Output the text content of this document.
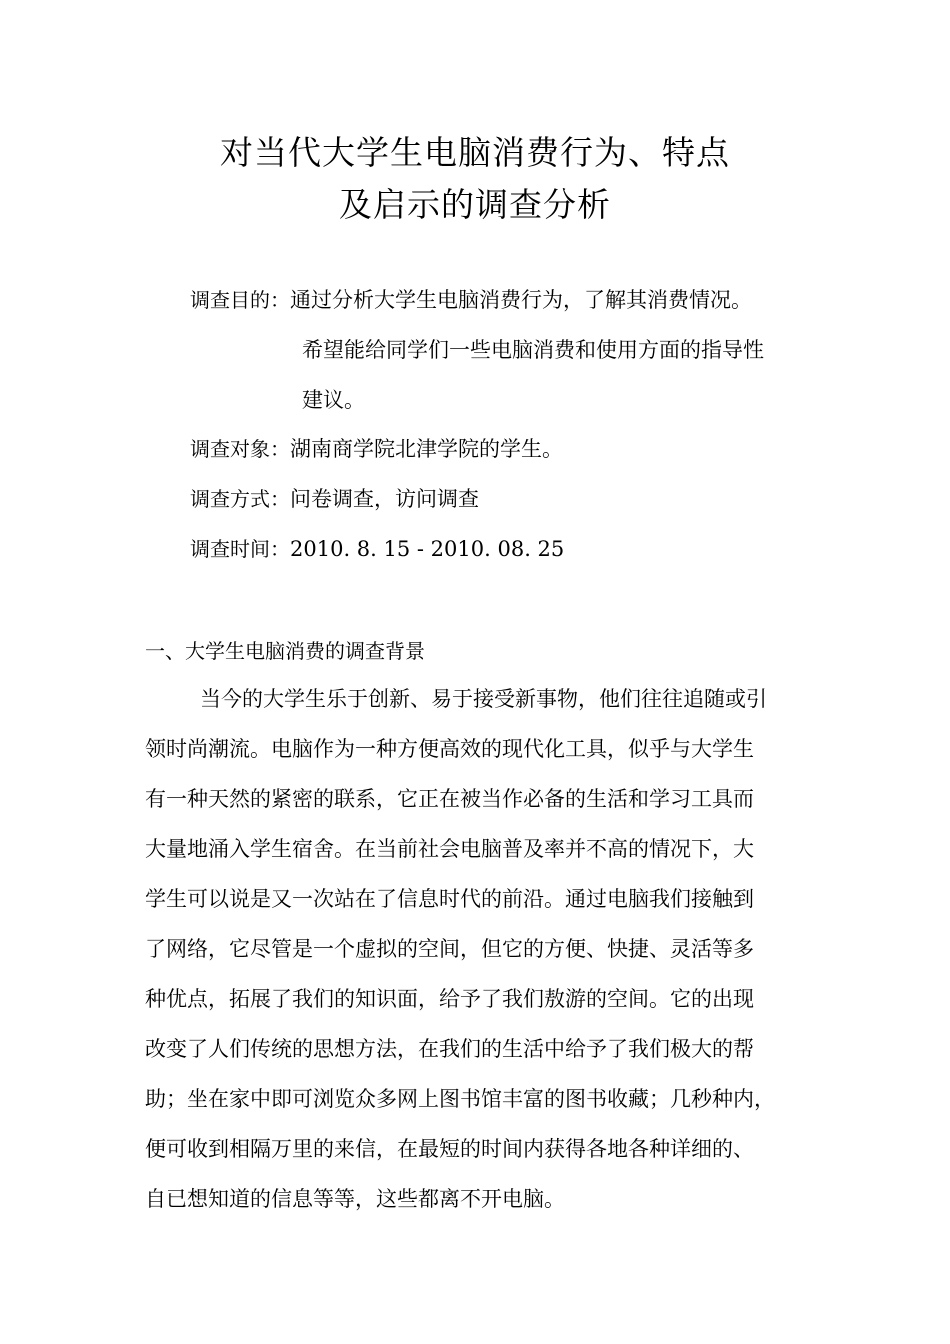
对当代大学生电脑消费行为、特点
及启示的调查分析
调查目的：通过分析大学生电脑消费行为，了解其消费情况。
希望能给同学们一些电脑消费和使用方面的指导性
建议。
调查对象：湖南商学院北津学院的学生。
调查方式：问卷调查，访问调查
调查时间：2010. 8. 15 - 2010. 08. 25
一、大学生电脑消费的调查背景
当今的大学生乐于创新、易于接受新事物，他们往往追随或引
领时尚潮流。电脑作为一种方便高效的现代化工具，似乎与大学生
有一种天然的紧密的联系，它正在被当作必备的生活和学习工具而
大量地涌入学生宿舍。在当前社会电脑普及率并不高的情况下，大
学生可以说是又一次站在了信息时代的前沿。通过电脑我们接触到
了网络，它尽管是一个虚拟的空间，但它的方便、快捷、灵活等多
种优点，拓展了我们的知识面，给予了我们敖游的空间。它的出现
改变了人们传统的思想方法，在我们的生活中给予了我们极大的帮
助；坐在家中即可浏览众多网上图书馆丰富的图书收藏；几秒种内，
便可收到相隔万里的来信，在最短的时间内获得各地各种详细的、
自已想知道的信息等等，这些都离不开电脑。
